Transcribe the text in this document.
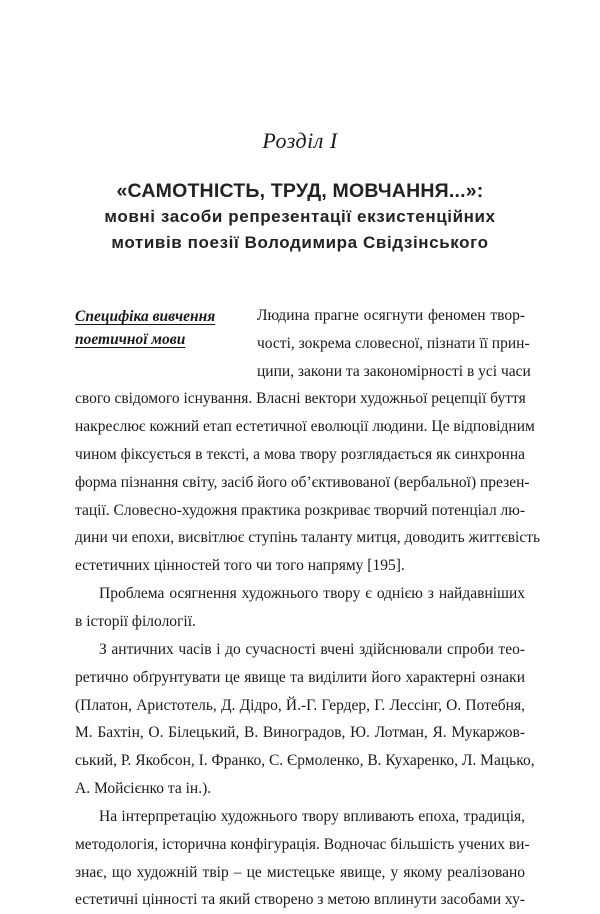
Розділ I
«САМОТНІСТЬ, ТРУД, МОВЧАННЯ...»:
мовні засоби репрезентації екзистенційних
мотивів поезії Володимира Свідзінського
Специфіка вивчення
поетичної мови
Людина прагне осягнути феномен твор-
чості, зокрема словесної, пізнати її прин-
ципи, закони та закономірності в усі часи
свого свідомого існування. Власні вектори художньої рецепції буття
накреслює кожний етап естетичної еволюції людини. Це відповідним
чином фіксується в тексті, а мова твору розглядається як синхронна
форма пізнання світу, засіб його об’єктивованої (вербальної) презен-
тації. Словесно-художня практика розкриває творчий потенціал лю-
дини чи епохи, висвітлює ступінь таланту митця, доводить життєвість
естетичних цінностей того чи того напряму [195].
Проблема осягнення художнього твору є однією з найдавніших
в історії філології.
З античних часів і до сучасності вчені здійснювали спроби тео-
ретично обґрунтувати це явище та виділити його характерні ознаки
(Платон, Аристотель, Д. Дідро, Й.-Г. Гердер, Г. Лессінг, О. Потебня,
М. Бахтін, О. Білецький, В. Виноградов, Ю. Лотман, Я. Мукаржов-
ський, Р. Якобсон, І. Франко, С. Єрмоленко, В. Кухаренко, Л. Мацько,
А. Мойсієнко та ін.).
На інтерпретацію художнього твору впливають епоха, традиція,
методологія, історична конфігурація. Водночас більшість учених ви-
знає, що художній твір – це мистецьке явище, у якому реалізовано
естетичні цінності та який створено з метою вплинути засобами ху-
